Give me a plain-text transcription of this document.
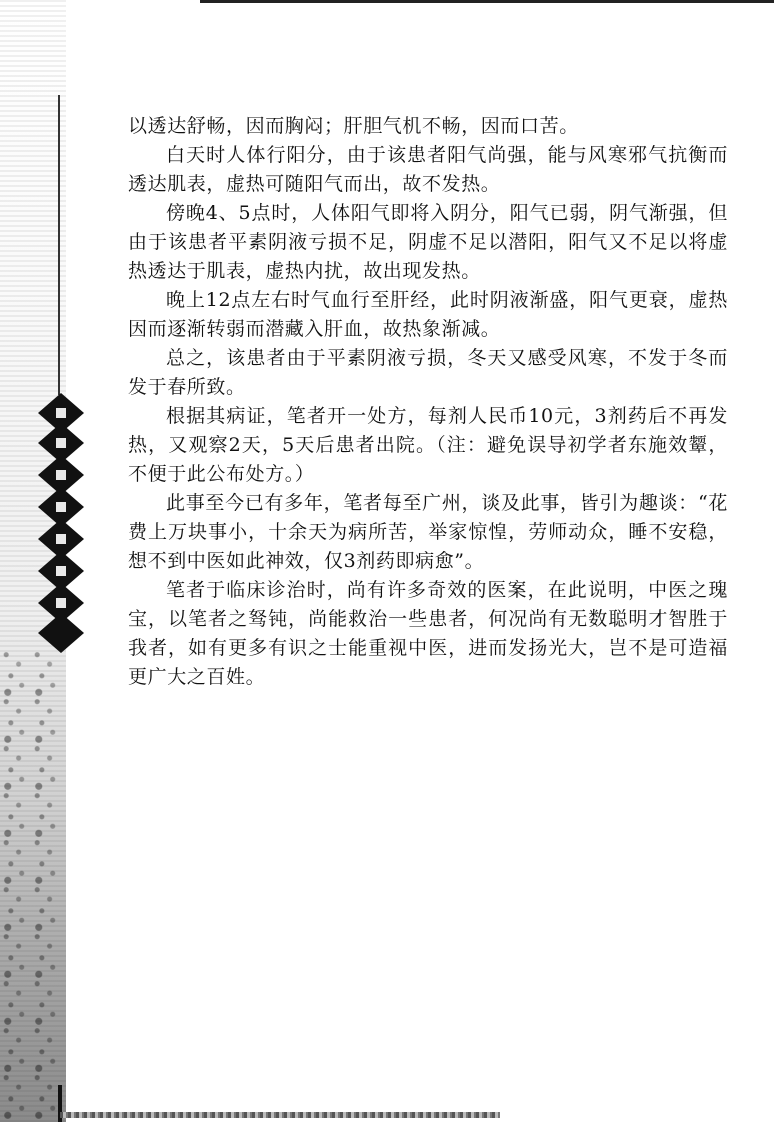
以透达舒畅，因而胸闷；肝胆气机不畅，因而口苦。

白天时人体行阳分，由于该患者阳气尚强，能与风寒邪气抗衡而透达肌表，虚热可随阳气而出，故不发热。

傍晚4、5点时，人体阳气即将入阴分，阳气已弱，阴气渐强，但由于该患者平素阴液亏损不足，阴虚不足以潜阳，阳气又不足以将虚热透达于肌表，虚热内扰，故出现发热。

晚上12点左右时气血行至肝经，此时阴液渐盛，阳气更衰，虚热因而逐渐转弱而潜藏入肝血，故热象渐减。

总之，该患者由于平素阴液亏损，冬天又感受风寒，不发于冬而发于春所致。

根据其病证，笔者开一处方，每剂人民币10元，3剂药后不再发热，又观察2天，5天后患者出院。（注：避免误导初学者东施效颦，不便于此公布处方。）

此事至今已有多年，笔者每至广州，谈及此事，皆引为趣谈：“花费上万块事小，十余天为病所苦，举家惊惶，劳师动众，睡不安稳，想不到中医如此神效，仅3剂药即病愈”。

笔者于临床诊治时，尚有许多奇效的医案，在此说明，中医之瑰宝，以笔者之驽钝，尚能救治一些患者，何况尚有无数聪明才智胜于我者，如有更多有识之士能重视中医，进而发扬光大，岂不是可造福更广大之百姓。
